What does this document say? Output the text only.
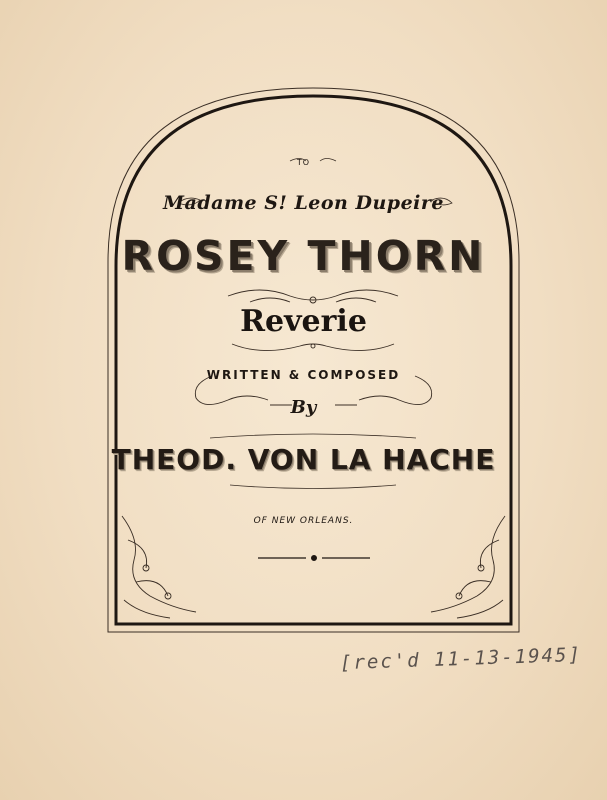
TO
Madame S! Leon Dupeire
ROSEY THORN
Reverie
WRITTEN & COMPOSED
By
THEOD. VON LA HACHE
OF NEW ORLEANS.
[rec'd 11-13-1945]
